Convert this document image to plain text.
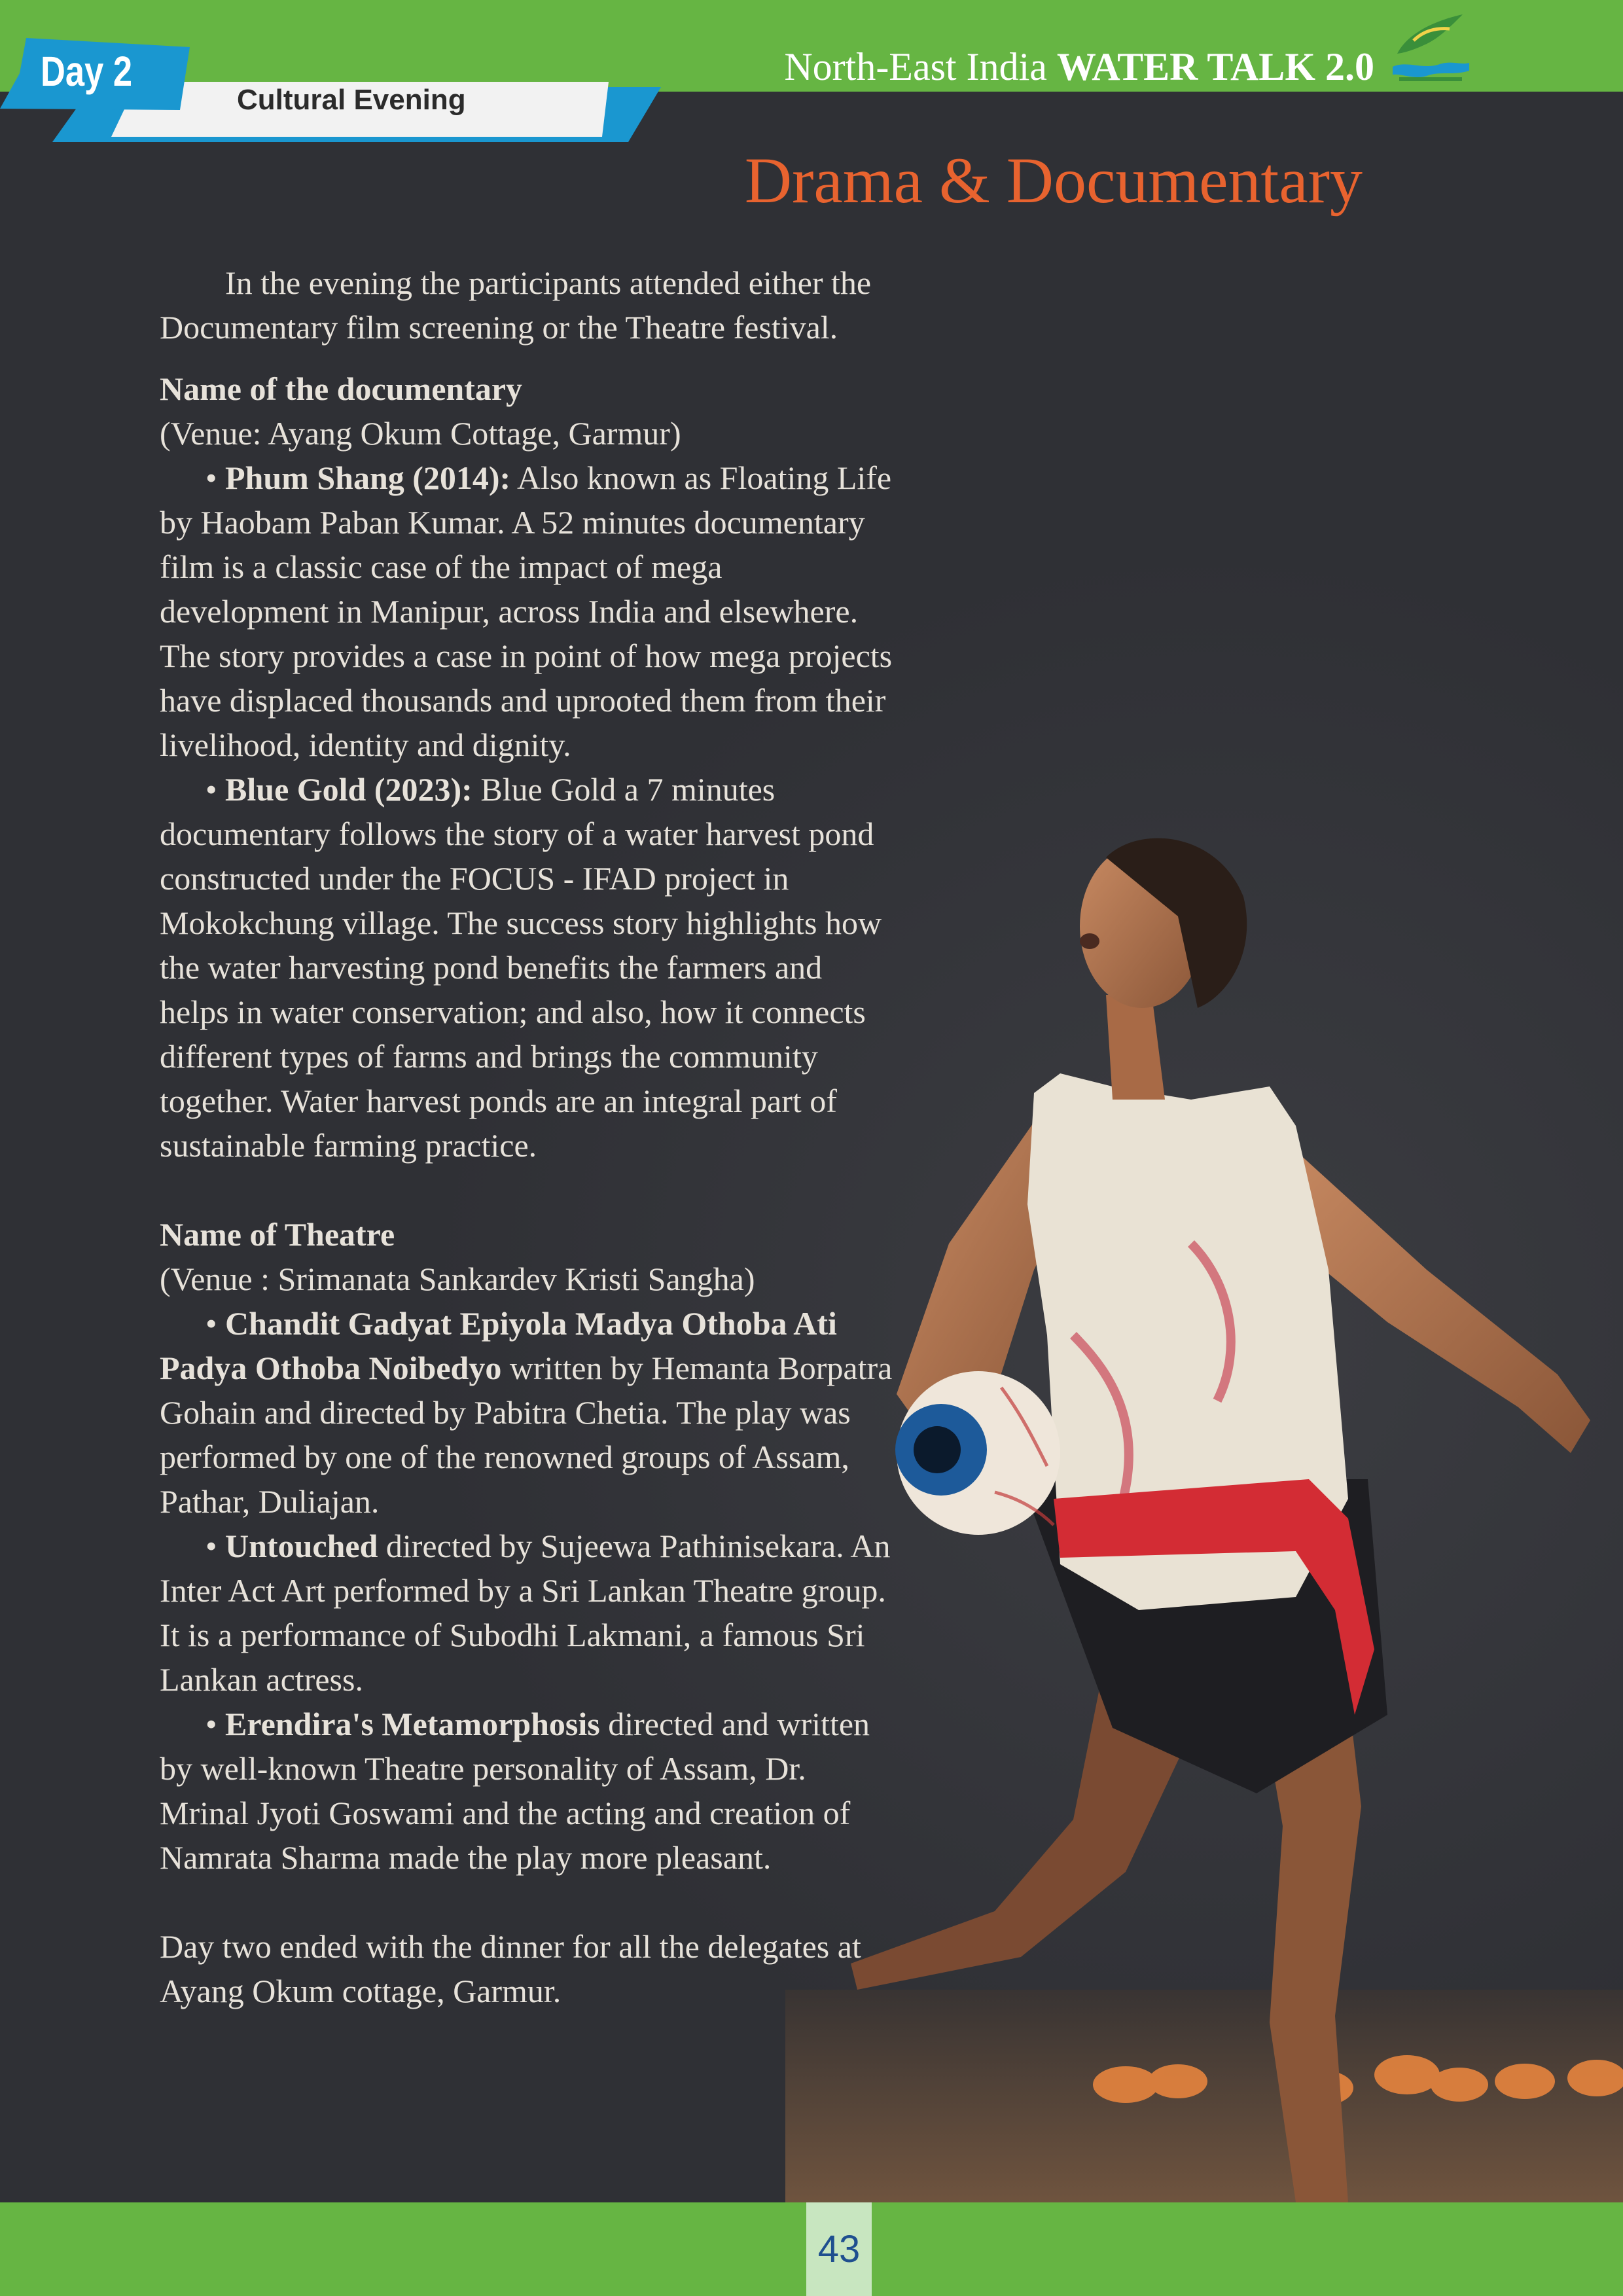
Cultural Evening
Day 2	North-East India WATER TALK 2.0
Drama & Documentary

In the evening the participants attended either the Documentary film screening or the Theatre festival.

Name of the documentary

(Venue: Ayang Okum Cottage, Garmur)

• Phum Shang (2014): Also known as Floating Life by Haobam Paban Kumar. A 52 minutes documentary film is a classic case of the impact of mega development in Manipur, across India and elsewhere. The story provides a case in point of how mega projects have displaced thousands and uprooted them from their livelihood, identity and dignity.

• Blue Gold (2023): Blue Gold a 7 minutes documentary follows the story of a water harvest pond constructed under the FOCUS - IFAD project in Mokokchung village. The success story highlights how the water harvesting pond benefits the farmers and helps in water conservation; and also, how it connects different types of farms and brings the community together. Water harvest ponds are an integral part of sustainable farming practice.

Name of Theatre

(Venue : Srimanata Sankardev Kristi Sangha)

• Chandit Gadyat Epiyola Madya Othoba Ati Padya Othoba Noibedyo written by Hemanta Borpatra Gohain and directed by Pabitra Chetia. The play was performed by one of the renowned groups of Assam, Pathar, Duliajan.

• Untouched directed by Sujeewa Pathinisekara. An Inter Act Art performed by a Sri Lankan Theatre group. It is a performance of Subodhi Lakmani, a famous Sri Lankan actress.

• Erendira's Metamorphosis directed and written by well-known Theatre personality of Assam, Dr. Mrinal Jyoti Goswami and the acting and creation of Namrata Sharma made the play more pleasant.

Day two ended with the dinner for all the delegates at Ayang Okum cottage, Garmur.

43
